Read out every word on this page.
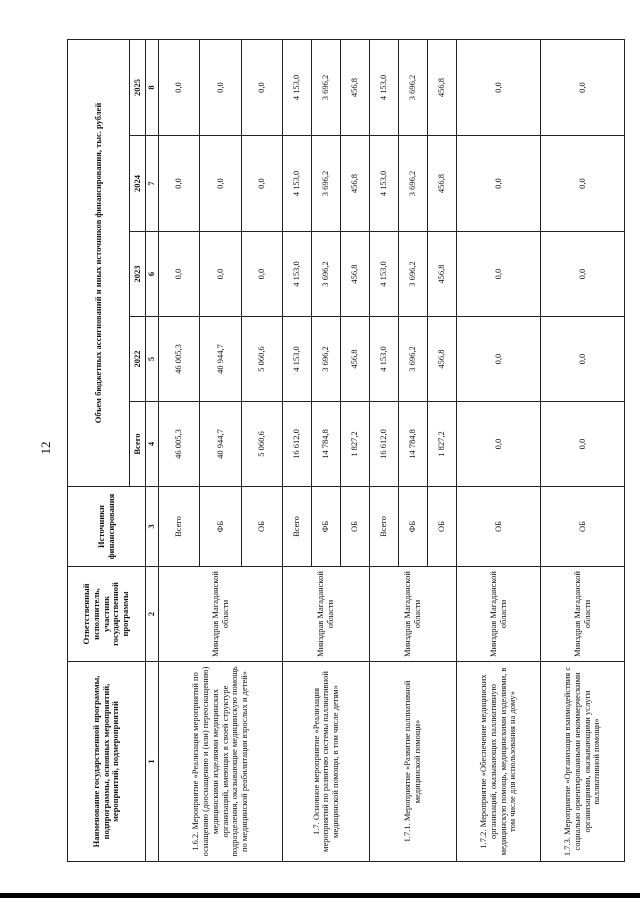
12
Наименование государственной программы, подпрограммы, основных мероприятий, мероприятий, подмероприятий	Ответственный исполнитель, участник государственной программы	Источники финансирования	Объем бюджетных ассигнований и иных источников финансирования, тыс. рублей				
			Всего	2022	2023	2024	2025
1	2	3	4	5	6	7	8
1.6.2. Мероприятие «Реализация мероприятий по оснащению (дооснащению и (или) переоснащению) медицинскими изделиями медицинских организаций, имеющих в своей структуре подразделения, оказывающие медицинскую помощь по медицинской реабилитации взрослых и детей»	Минздрав Магаданской области	Всего	46 005,3	46 005,3	0,0	0,0	0,0
		ФБ	40 944,7	40 944,7	0,0	0,0	0,0
		ОБ	5 060,6	5 060,6	0,0	0,0	0,0
1.7. Основное мероприятие «Реализация мероприятий по развитию системы паллиативной медицинской помощи, в том числе детям»	Минздрав Магаданской области	Всего	16 612,0	4 153,0	4 153,0	4 153,0	4 153,0
		ФБ	14 784,8	3 696,2	3 696,2	3 696,2	3 696,2
		ОБ	1 827,2	456,8	456,8	456,8	456,8
1.7.1. Мероприятие «Развитие паллиативной медицинской помощи»	Минздрав Магаданской области	Всего	16 612,0	4 153,0	4 153,0	4 153,0	4 153,0
		ФБ	14 784,8	3 696,2	3 696,2	3 696,2	3 696,2
		ОБ	1 827,2	456,8	456,8	456,8	456,8
1.7.2. Мероприятие «Обеспечение медицинских организаций, оказывающих паллиативную медицинскую помощь, медицинскими изделиями, в том числе для использования на дому»	Минздрав Магаданской области	ОБ	0,0	0,0	0,0	0,0	0,0
1.7.3. Мероприятие «Организация взаимодействия с социально ориентированными некоммерческими организациями, оказывающими услуги паллиативной помощи»	Минздрав Магаданской области	ОБ	0,0	0,0	0,0	0,0	0,0
